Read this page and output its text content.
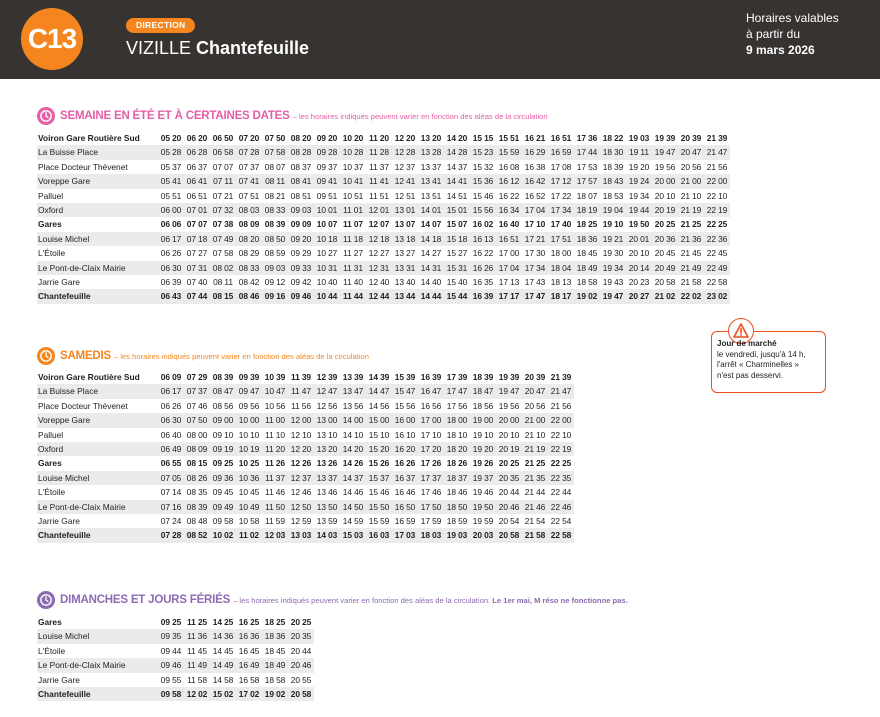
C13	DIRECTION
VIZILLE Chantefeuille
Horaires valables
à partir du
9 mars 2026
SEMAINE EN ÉTÉ ET À CERTAINES DATES – les horaires indiqués peuvent varier en fonction des aléas de la circulation
Voiron Gare Routière Sud	05 20	06 20	06 50	07 20	07 50	08 20	09 20	10 20	11 20	12 20	13 20	14 20	15 15	15 51	16 21	16 51	17 36	18 22	19 03	19 39	20 39	21 39
La Buisse Place	05 28	06 28	06 58	07 28	07 58	08 28	09 28	10 28	11 28	12 28	13 28	14 28	15 23	15 59	16 29	16 59	17 44	18 30	19 11	19 47	20 47	21 47
Place Docteur Thévenet	05 37	06 37	07 07	07 37	08 07	08 37	09 37	10 37	11 37	12 37	13 37	14 37	15 32	16 08	16 38	17 08	17 53	18 39	19 20	19 56	20 56	21 56
Voreppe Gare	05 41	06 41	07 11	07 41	08 11	08 41	09 41	10 41	11 41	12 41	13 41	14 41	15 36	16 12	16 42	17 12	17 57	18 43	19 24	20 00	21 00	22 00
Palluel	05 51	06 51	07 21	07 51	08 21	08 51	09 51	10 51	11 51	12 51	13 51	14 51	15 46	16 22	16 52	17 22	18 07	18 53	19 34	20 10	21 10	22 10
Oxford	06 00	07 01	07 32	08 03	08 33	09 03	10 01	11 01	12 01	13 01	14 01	15 01	15 56	16 34	17 04	17 34	18 19	19 04	19 44	20 19	21 19	22 19
Gares	06 06	07 07	07 38	08 09	08 39	09 09	10 07	11 07	12 07	13 07	14 07	15 07	16 02	16 40	17 10	17 40	18 25	19 10	19 50	20 25	21 25	22 25
Louise Michel	06 17	07 18	07 49	08 20	08 50	09 20	10 18	11 18	12 18	13 18	14 18	15 18	16 13	16 51	17 21	17 51	18 36	19 21	20 01	20 36	21 36	22 36
L'Étoile	06 26	07 27	07 58	08 29	08 59	09 29	10 27	11 27	12 27	13 27	14 27	15 27	16 22	17 00	17 30	18 00	18 45	19 30	20 10	20 45	21 45	22 45
Le Pont-de-Claix Mairie	06 30	07 31	08 02	08 33	09 03	09 33	10 31	11 31	12 31	13 31	14 31	15 31	16 26	17 04	17 34	18 04	18 49	19 34	20 14	20 49	21 49	22 49
Jarrie Gare	06 39	07 40	08 11	08 42	09 12	09 42	10 40	11 40	12 40	13 40	14 40	15 40	16 35	17 13	17 43	18 13	18 58	19 43	20 23	20 58	21 58	22 58
Chantefeuille	06 43	07 44	08 15	08 46	09 16	09 46	10 44	11 44	12 44	13 44	14 44	15 44	16 39	17 17	17 47	18 17	19 02	19 47	20 27	21 02	22 02	23 02
Jour de marché
le vendredi, jusqu'à 14 h,
l'arrêt « Charminelles »
n'est pas desservi.
SAMEDIS – les horaires indiqués peuvent varier en fonction des aléas de la circulation
Voiron Gare Routière Sud	06 09	07 29	08 39	09 39	10 39	11 39	12 39	13 39	14 39	15 39	16 39	17 39	18 39	19 39	20 39	21 39
La Buisse Place	06 17	07 37	08 47	09 47	10 47	11 47	12 47	13 47	14 47	15 47	16 47	17 47	18 47	19 47	20 47	21 47
Place Docteur Thévenet	06 26	07 46	08 56	09 56	10 56	11 56	12 56	13 56	14 56	15 56	16 56	17 56	18 56	19 56	20 56	21 56
Voreppe Gare	06 30	07 50	09 00	10 00	11 00	12 00	13 00	14 00	15 00	16 00	17 00	18 00	19 00	20 00	21 00	22 00
Palluel	06 40	08 00	09 10	10 10	11 10	12 10	13 10	14 10	15 10	16 10	17 10	18 10	19 10	20 10	21 10	22 10
Oxford	06 49	08 09	09 19	10 19	11 20	12 20	13 20	14 20	15 20	16 20	17 20	18 20	19 20	20 19	21 19	22 19
Gares	06 55	08 15	09 25	10 25	11 26	12 26	13 26	14 26	15 26	16 26	17 26	18 26	19 26	20 25	21 25	22 25
Louise Michel	07 05	08 26	09 36	10 36	11 37	12 37	13 37	14 37	15 37	16 37	17 37	18 37	19 37	20 35	21 35	22 35
L'Étoile	07 14	08 35	09 45	10 45	11 46	12 46	13 46	14 46	15 46	16 46	17 46	18 46	19 46	20 44	21 44	22 44
Le Pont-de-Claix Mairie	07 16	08 39	09 49	10 49	11 50	12 50	13 50	14 50	15 50	16 50	17 50	18 50	19 50	20 46	21 46	22 46
Jarrie Gare	07 24	08 48	09 58	10 58	11 59	12 59	13 59	14 59	15 59	16 59	17 59	18 59	19 59	20 54	21 54	22 54
Chantefeuille	07 28	08 52	10 02	11 02	12 03	13 03	14 03	15 03	16 03	17 03	18 03	19 03	20 03	20 58	21 58	22 58
DIMANCHES ET JOURS FÉRIÉS – les horaires indiqués peuvent varier en fonction des aléas de la circulation. Le 1er mai, M réso ne fonctionne pas.
Gares	09 25	11 25	14 25	16 25	18 25	20 25
Louise Michel	09 35	11 36	14 36	16 36	18 36	20 35
L'Étoile	09 44	11 45	14 45	16 45	18 45	20 44
Le Pont-de-Claix Mairie	09 46	11 49	14 49	16 49	18 49	20 46
Jarrie Gare	09 55	11 58	14 58	16 58	18 58	20 55
Chantefeuille	09 58	12 02	15 02	17 02	19 02	20 58
